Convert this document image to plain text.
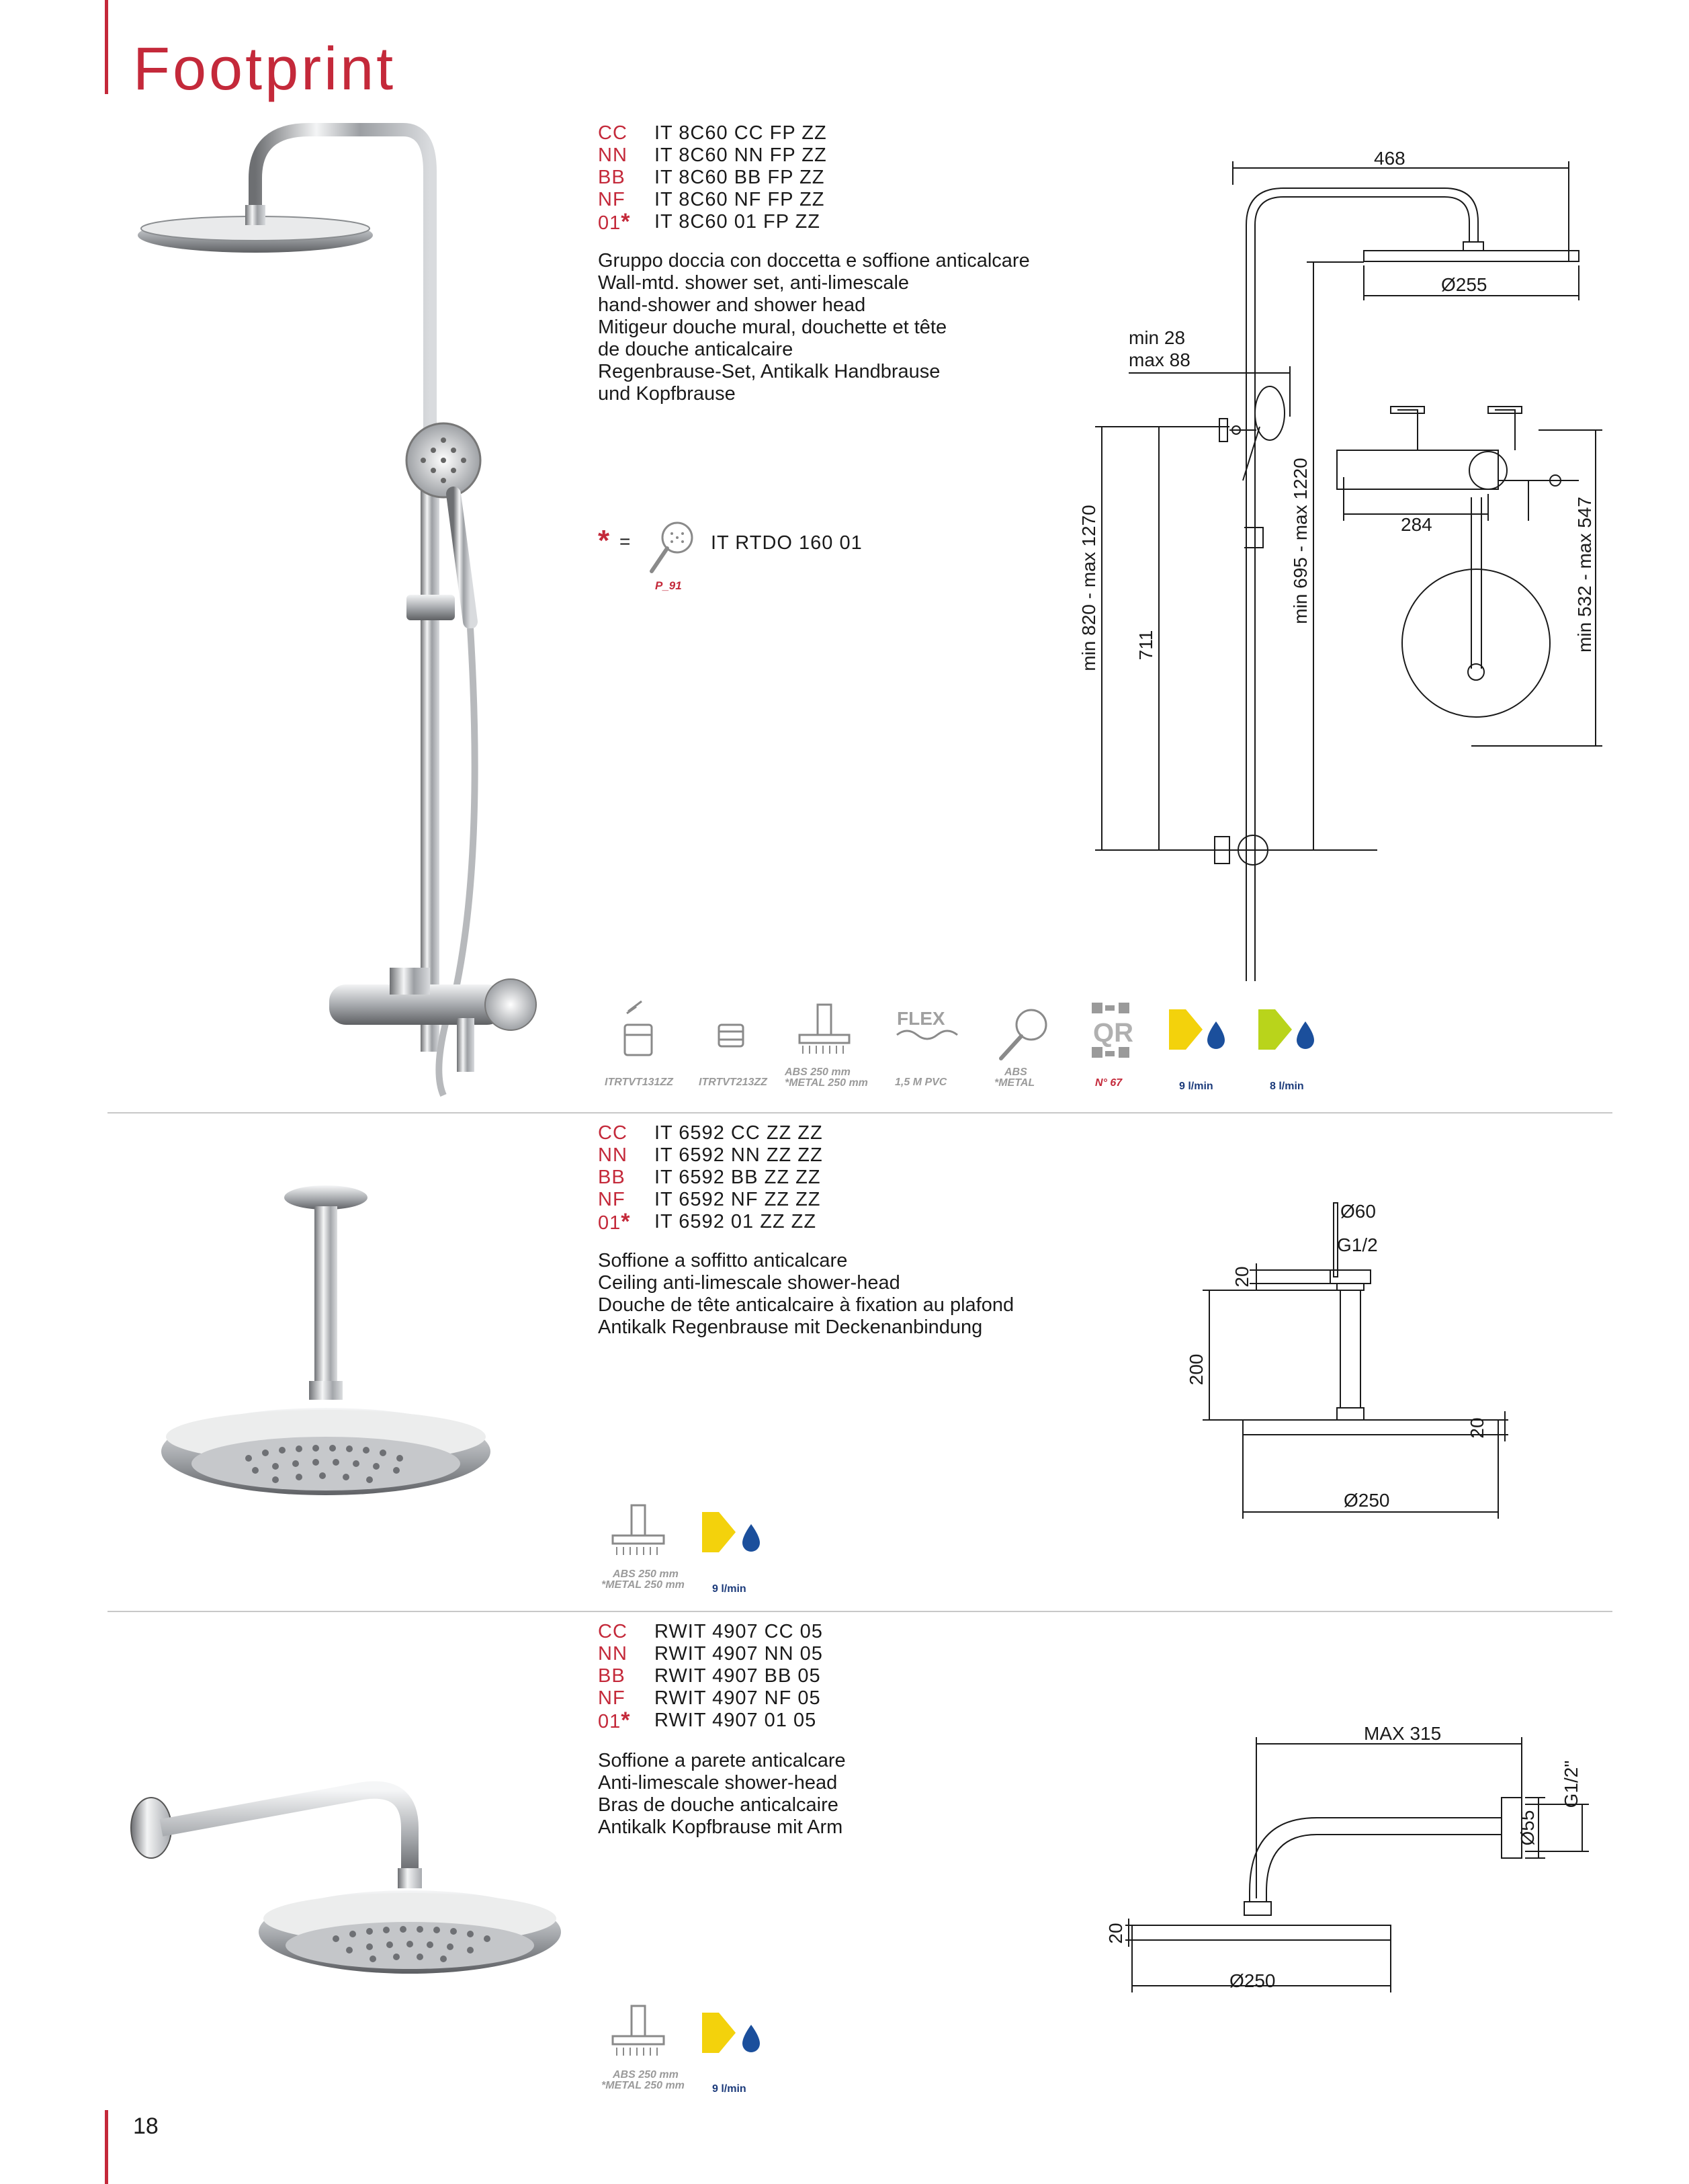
Footprint
CC	IT 8C60 CC FP ZZ
NN	IT 8C60 NN FP ZZ
BB	IT 8C60 BB FP ZZ
NF	IT 8C60 NF FP ZZ
01*	IT 8C60 01 FP ZZ
Gruppo doccia con doccetta e soffione anticalcare
Wall-mtd. shower set, anti-limescale
hand-shower and shower head
Mitigeur douche mural, douchette et tête
de douche anticalcaire
Regenbrause-Set, Antikalk Handbrause
und Kopfbrause
* =	IT RTDO 160 01
P_91
468
Ø255
min 28
max 88
min 820 - max 1270	min 695 - max 1220
711
284	min 532 - max 547
FLEX	QR
ITRTVT131ZZ ITRTVT213ZZ
ABS 250 mm
*METAL 250 mm	1,5 M PVC
ABS
*METAL	N° 67	9 l/min	8 l/min
CC	IT 6592 CC ZZ ZZ
NN	IT 6592 NN ZZ ZZ
BB	IT 6592 BB ZZ ZZ
NF	IT 6592 NF ZZ ZZ
01*	IT 6592 01 ZZ ZZ
Soffione a soffitto anticalcare
Ceiling anti-limescale shower-head
Douche de tête anticalcaire à fixation au plafond
Antikalk Regenbrause mit Deckenanbindung
Ø60
G1/2
20
200
20
Ø250
ABS 250 mm
*METAL 250 mm	9 l/min
CC	RWIT 4907 CC 05
NN	RWIT 4907 NN 05
BB	RWIT 4907 BB 05
NF	RWIT 4907 NF 05
01*	RWIT 4907 01 05
Soffione a parete anticalcare
Anti-limescale shower-head
Bras de douche anticalcaire
Antikalk Kopfbrause mit Arm
MAX 315
Ø55
G1/2"
20
Ø250
ABS 250 mm
*METAL 250 mm	9 l/min
18
